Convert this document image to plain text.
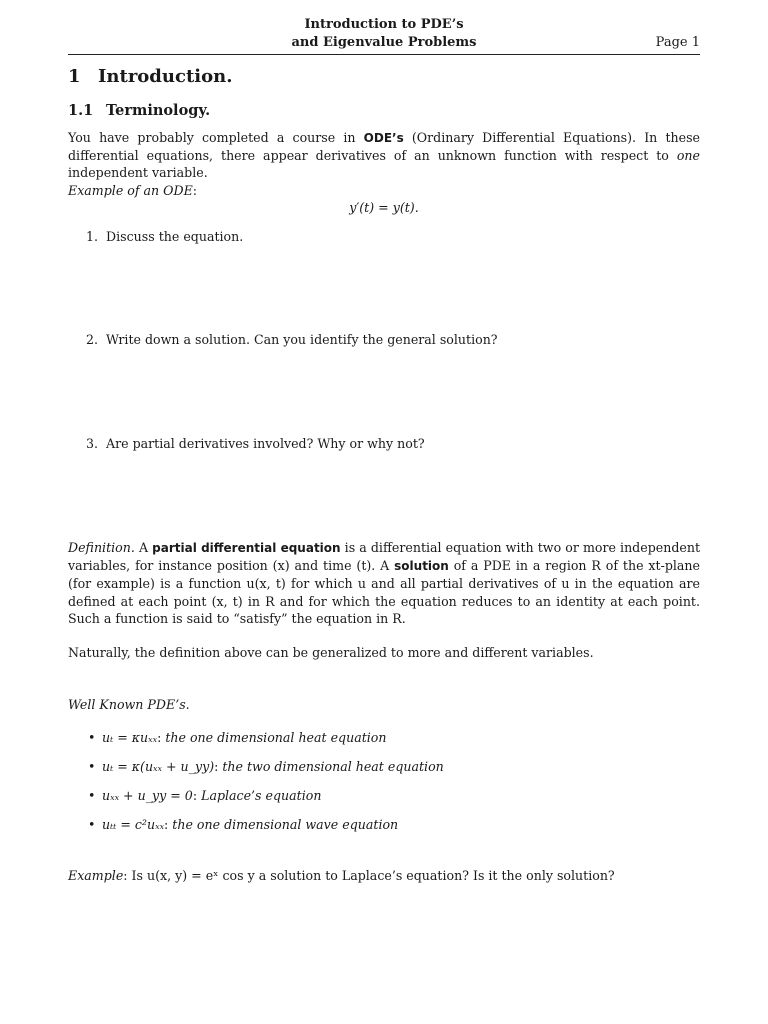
Introduction to PDE’s
and Eigenvalue Problems	Page 1
1 Introduction.
1.1 Terminology.
You have probably completed a course in ODE’s (Ordinary Differential Equations). In these differential equations, there appear derivatives of an unknown function with respect to one independent variable.
Example of an ODE:
y′(t) = y(t).
1. Discuss the equation.
2. Write down a solution. Can you identify the general solution?
3. Are partial derivatives involved? Why or why not?
Definition. A partial differential equation is a differential equation with two or more independent variables, for instance position (x) and time (t). A solution of a PDE in a region R of the xt-plane (for example) is a function u(x, t) for which u and all partial derivatives of u in the equation are defined at each point (x, t) in R and for which the equation reduces to an identity at each point. Such a function is said to “satisfy” the equation in R.
Naturally, the definition above can be generalized to more and different variables.
Well Known PDE’s.
• uₜ = κuₓₓ: the one dimensional heat equation
• uₜ = κ(uₓₓ + u_yy): the two dimensional heat equation
• uₓₓ + u_yy = 0: Laplace’s equation
• uₜₜ = c²uₓₓ: the one dimensional wave equation
Example: Is u(x, y) = eˣ cos y a solution to Laplace’s equation? Is it the only solution?
